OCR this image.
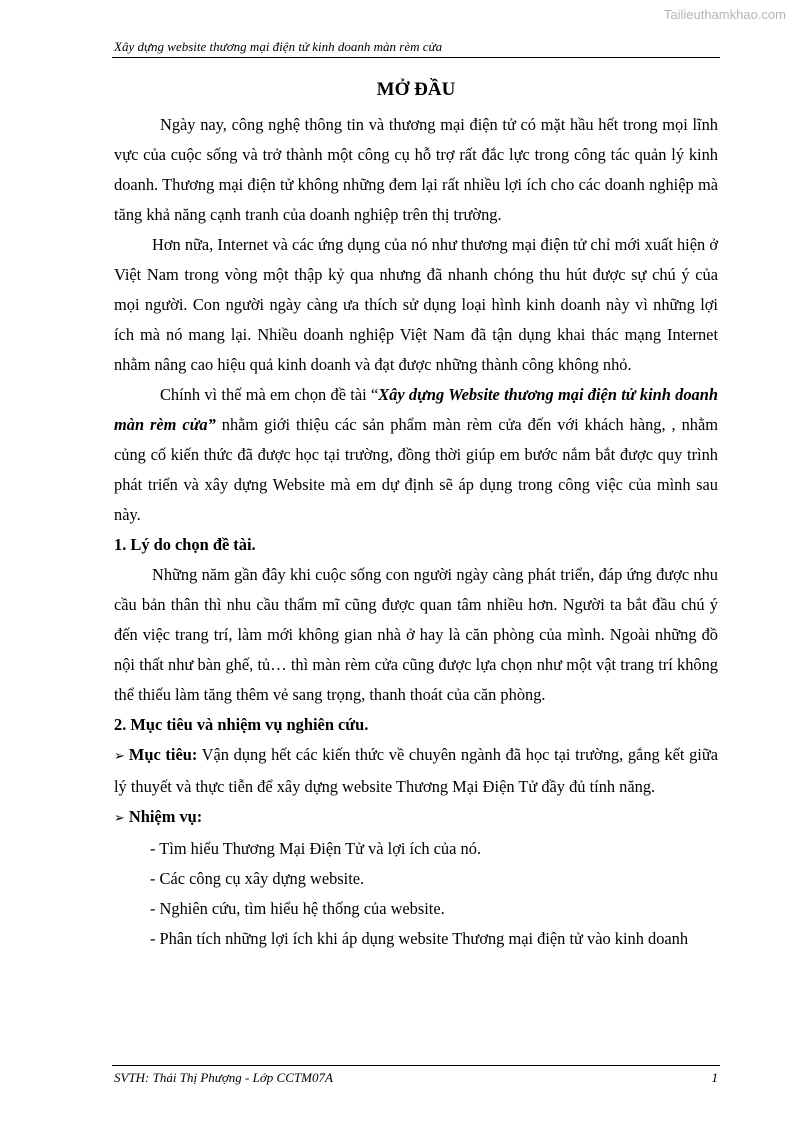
Tailieuthamkhao.com
Xây dựng website thương mại điện tử kinh doanh màn rèm cửa
MỞ ĐẦU

Ngày nay, công nghệ thông tin và thương mại điện tử có mặt hầu hết trong mọi lĩnh vực của cuộc sống và trở thành một công cụ hỗ trợ rất đắc lực trong công tác quản lý kinh doanh. Thương mại điện tử không những đem lại rất nhiều lợi ích cho các doanh nghiệp mà tăng khả năng cạnh tranh của doanh nghiệp trên thị trường.

Hơn nữa, Internet và các ứng dụng của nó như thương mại điện tử chỉ mới xuất hiện ở Việt Nam trong vòng một thập kỷ qua nhưng đã nhanh chóng thu hút được sự chú ý của mọi người. Con người ngày càng ưa thích sử dụng loại hình kinh doanh này vì những lợi ích mà nó mang lại. Nhiều doanh nghiệp Việt Nam đã tận dụng khai thác mạng Internet nhằm nâng cao hiệu quả kinh doanh và đạt được những thành công không nhỏ.

Chính vì thế mà em chọn đề tài “Xây dựng Website thương mại điện tử kinh doanh màn rèm cửa” nhằm giới thiệu các sản phẩm màn rèm cửa đến với khách hàng, , nhằm củng cố kiến thức đã được học tại trường, đồng thời giúp em bước nắm bắt được quy trình phát triển và xây dựng Website mà em dự định sẽ áp dụng trong công việc của mình sau này.

1. Lý do chọn đề tài.

Những năm gần đây khi cuộc sống con người ngày càng phát triển, đáp ứng được nhu cầu bản thân thì nhu cầu thẩm mĩ cũng được quan tâm nhiều hơn. Người ta bắt đầu chú ý đến việc trang trí, làm mới không gian nhà ở hay là căn phòng của mình. Ngoài những đồ nội thất như bàn ghế, tủ… thì màn rèm cửa cũng được lựa chọn như một vật trang trí không thể thiếu làm tăng thêm vẻ sang trọng, thanh thoát của căn phòng.

2. Mục tiêu và nhiệm vụ nghiên cứu.

➢ Mục tiêu: Vận dụng hết các kiến thức về chuyên ngành đã học tại trường, gắng kết giữa lý thuyết và thực tiễn để xây dựng website Thương Mại Điện Tử đầy đủ tính năng.

➢ Nhiệm vụ:

- Tìm hiểu Thương Mại Điện Tử và lợi ích của nó.
- Các công cụ xây dựng website.
- Nghiên cứu, tìm hiểu hệ thống của website.
- Phân tích những lợi ích khi áp dụng website Thương mại điện tử vào kinh doanh
SVTH: Thái Thị Phượng - Lớp CCTM07A	1
